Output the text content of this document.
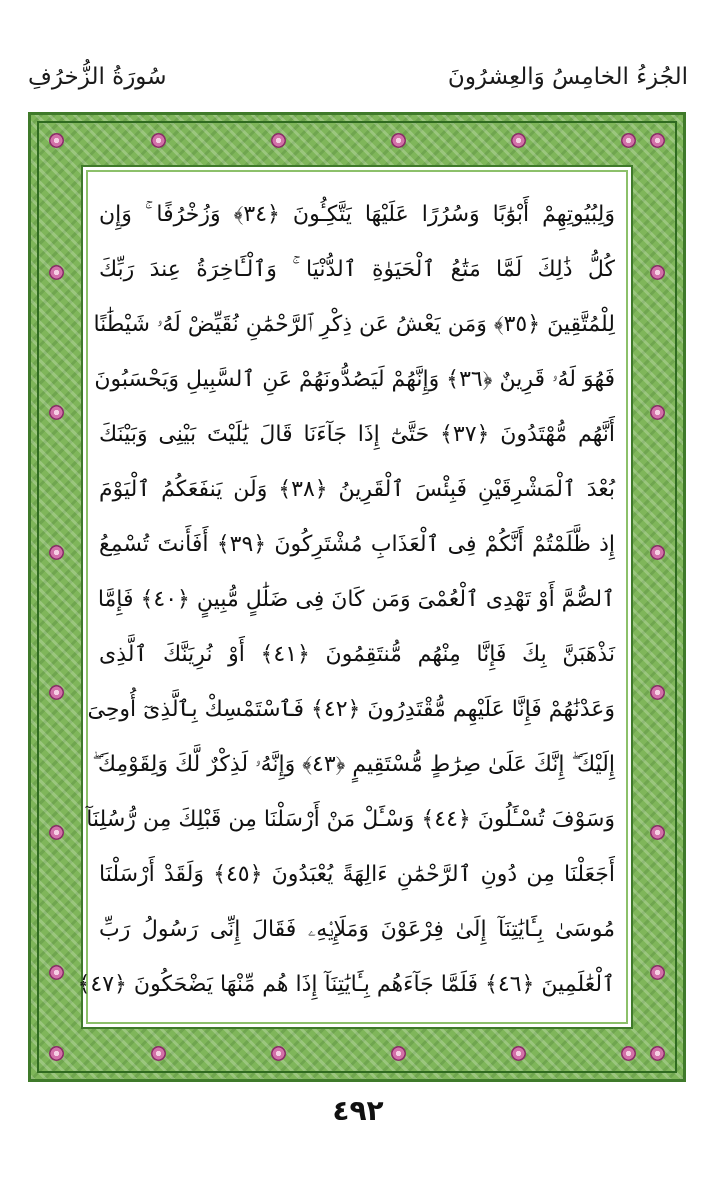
الجُزءُ الخامِسُ وَالعِشرُونَ
سُورَةُ الزُّخرُفِ
وَلِبُيُوتِهِمْ أَبْوَٰبًا وَسُرُرًا عَلَيْهَا يَتَّكِـُٔونَ ﴿٣٤﴾ وَزُخْرُفًا ۚ وَإِن
كُلُّ ذَٰلِكَ لَمَّا مَتَٰعُ ٱلْحَيَوٰةِ ٱلدُّنْيَا ۚ وَٱلْـَٔاخِرَةُ عِندَ رَبِّكَ
لِلْمُتَّقِينَ ﴿٣٥﴾ وَمَن يَعْشُ عَن ذِكْرِ ٱلرَّحْمَٰنِ نُقَيِّضْ لَهُۥ شَيْطَٰنًا
فَهُوَ لَهُۥ قَرِينٌ ﴿٣٦﴾ وَإِنَّهُمْ لَيَصُدُّونَهُمْ عَنِ ٱلسَّبِيلِ وَيَحْسَبُونَ
أَنَّهُم مُّهْتَدُونَ ﴿٣٧﴾ حَتَّىٰٓ إِذَا جَآءَنَا قَالَ يَٰلَيْتَ بَيْنِى وَبَيْنَكَ
بُعْدَ ٱلْمَشْرِقَيْنِ فَبِئْسَ ٱلْقَرِينُ ﴿٣٨﴾ وَلَن يَنفَعَكُمُ ٱلْيَوْمَ
إِذ ظَّلَمْتُمْ أَنَّكُمْ فِى ٱلْعَذَابِ مُشْتَرِكُونَ ﴿٣٩﴾ أَفَأَنتَ تُسْمِعُ
ٱلصُّمَّ أَوْ تَهْدِى ٱلْعُمْىَ وَمَن كَانَ فِى ضَلَٰلٍ مُّبِينٍ ﴿٤٠﴾ فَإِمَّا
نَذْهَبَنَّ بِكَ فَإِنَّا مِنْهُم مُّنتَقِمُونَ ﴿٤١﴾ أَوْ نُرِيَنَّكَ ٱلَّذِى
وَعَدْنَٰهُمْ فَإِنَّا عَلَيْهِم مُّقْتَدِرُونَ ﴿٤٢﴾ فَٱسْتَمْسِكْ بِٱلَّذِىٓ أُوحِىَ
إِلَيْكَ ۖ إِنَّكَ عَلَىٰ صِرَٰطٍ مُّسْتَقِيمٍ ﴿٤٣﴾ وَإِنَّهُۥ لَذِكْرٌ لَّكَ وَلِقَوْمِكَ ۖ
وَسَوْفَ تُسْـَٔلُونَ ﴿٤٤﴾ وَسْـَٔلْ مَنْ أَرْسَلْنَا مِن قَبْلِكَ مِن رُّسُلِنَآ
أَجَعَلْنَا مِن دُونِ ٱلرَّحْمَٰنِ ءَالِهَةً يُعْبَدُونَ ﴿٤٥﴾ وَلَقَدْ أَرْسَلْنَا
مُوسَىٰ بِـَٔايَٰتِنَآ إِلَىٰ فِرْعَوْنَ وَمَلَإِي۟هِۦ فَقَالَ إِنِّى رَسُولُ رَبِّ
ٱلْعَٰلَمِينَ ﴿٤٦﴾ فَلَمَّا جَآءَهُم بِـَٔايَٰتِنَآ إِذَا هُم مِّنْهَا يَضْحَكُونَ ﴿٤٧﴾
٤٩٢
